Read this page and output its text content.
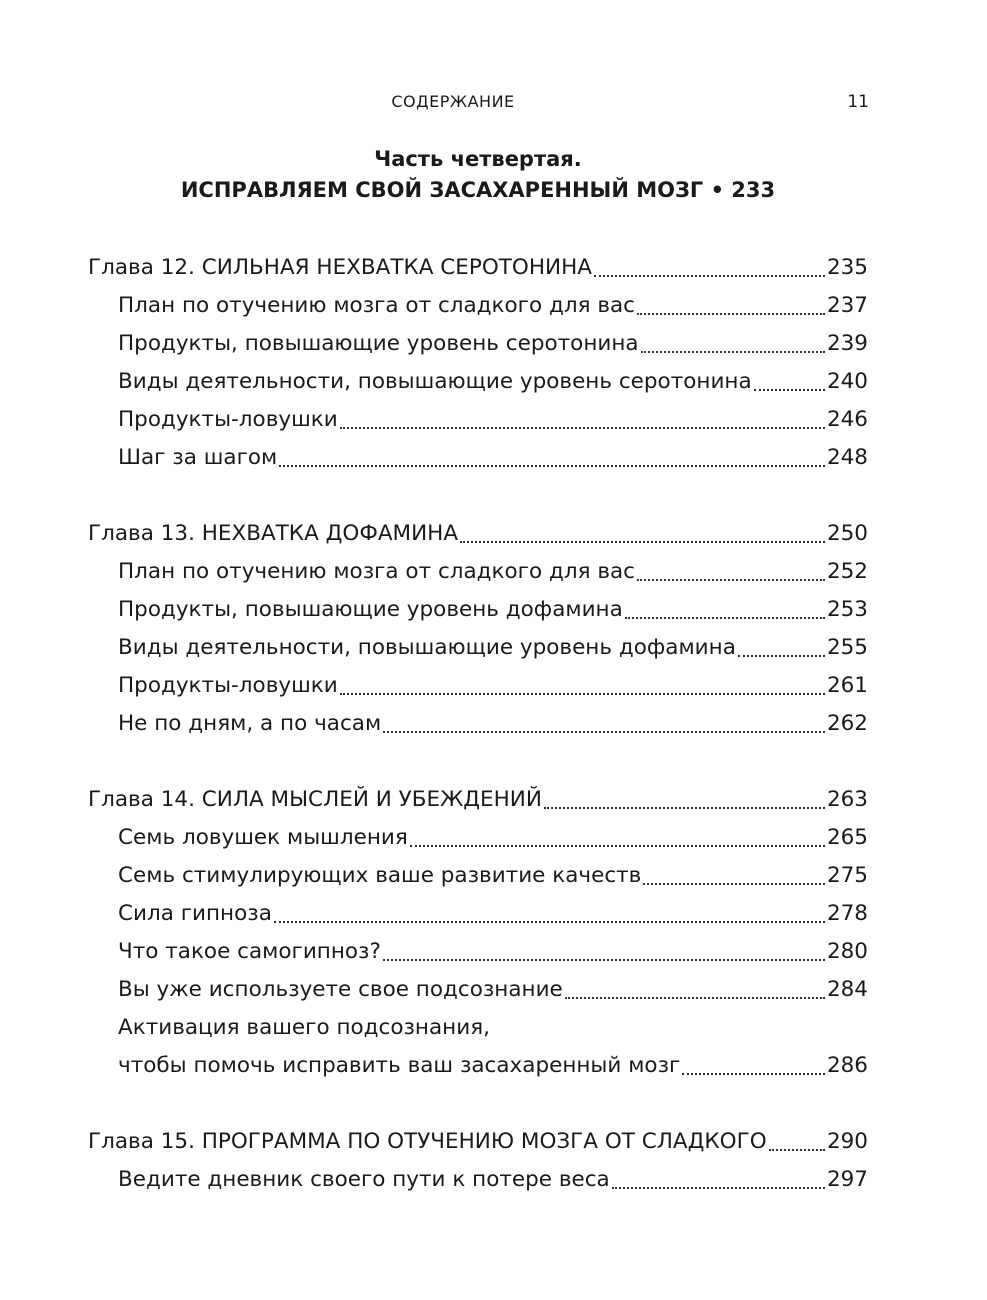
СОДЕРЖАНИЕ	11
Часть четвертая.
ИСПРАВЛЯЕМ СВОЙ ЗАСАХАРЕННЫЙ МОЗГ • 233
Глава 12. СИЛЬНАЯ НЕХВАТКА СЕРОТОНИНА	235
План по отучению мозга от сладкого для вас	237
Продукты, повышающие уровень серотонина	239
Виды деятельности, повышающие уровень серотонина	240
Продукты-ловушки	246
Шаг за шагом	248
Глава 13. НЕХВАТКА ДОФАМИНА	250
План по отучению мозга от сладкого для вас	252
Продукты, повышающие уровень дофамина	253
Виды деятельности, повышающие уровень дофамина	255
Продукты-ловушки	261
Не по дням, а по часам	262
Глава 14. СИЛА МЫСЛЕЙ И УБЕЖДЕНИЙ	263
Семь ловушек мышления	265
Семь стимулирующих ваше развитие качеств	275
Сила гипноза	278
Что такое самогипноз?	280
Вы уже используете свое подсознание	284
Активация вашего подсознания,
чтобы помочь исправить ваш засахаренный мозг	286
Глава 15. ПРОГРАММА ПО ОТУЧЕНИЮ МОЗГА ОТ СЛАДКОГО	290
Ведите дневник своего пути к потере веса	297
